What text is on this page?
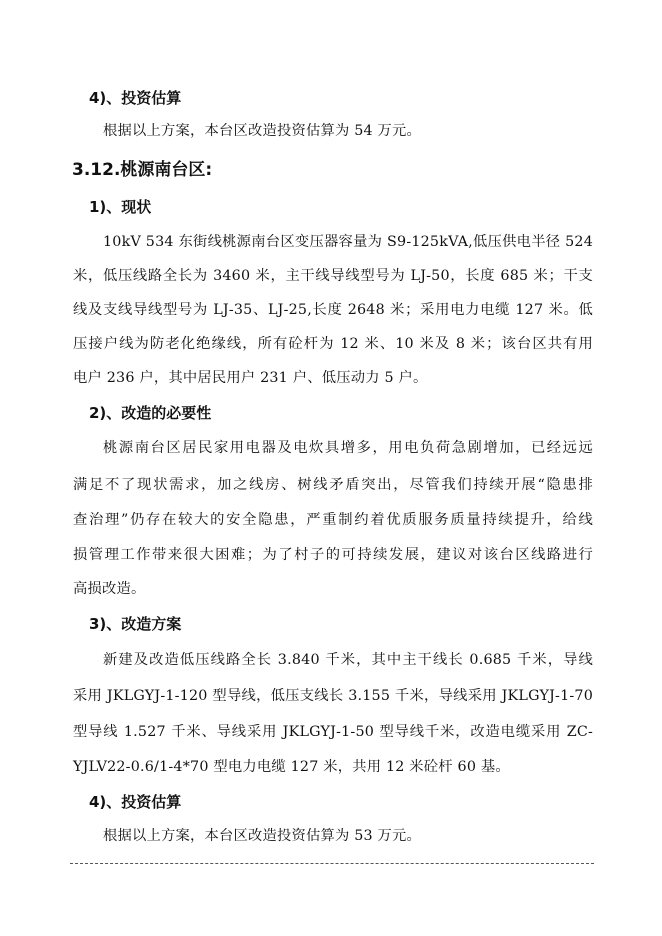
4)、投资估算
根据以上方案，本台区改造投资估算为 54 万元。
3.12.桃源南台区:
1)、现状
10kV 534 东街线桃源南台区变压器容量为 S9-125kVA,低压供电半径 524
米，低压线路全长为 3460 米，主干线导线型号为 LJ-50，长度 685 米；干支
线及支线导线型号为 LJ-35、LJ-25,长度 2648 米；采用电力电缆 127 米。低
压接户线为防老化绝缘线，所有砼杆为 12 米、10 米及 8 米；该台区共有用
电户 236 户，其中居民用户 231 户、低压动力 5 户。
2)、改造的必要性
桃源南台区居民家用电器及电炊具增多，用电负荷急剧增加，已经远远
满足不了现状需求，加之线房、树线矛盾突出，尽管我们持续开展“隐患排
查治理”仍存在较大的安全隐患，严重制约着优质服务质量持续提升，给线
损管理工作带来很大困难；为了村子的可持续发展，建议对该台区线路进行
高损改造。
3)、改造方案
新建及改造低压线路全长 3.840 千米，其中主干线长 0.685 千米，导线
采用 JKLGYJ-1-120 型导线，低压支线长 3.155 千米，导线采用 JKLGYJ-1-70
型导线 1.527 千米、导线采用 JKLGYJ-1-50 型导线千米，改造电缆采用 ZC-
YJLV22-0.6/1-4*70 型电力电缆 127 米，共用 12 米砼杆 60 基。
4)、投资估算
根据以上方案，本台区改造投资估算为 53 万元。
